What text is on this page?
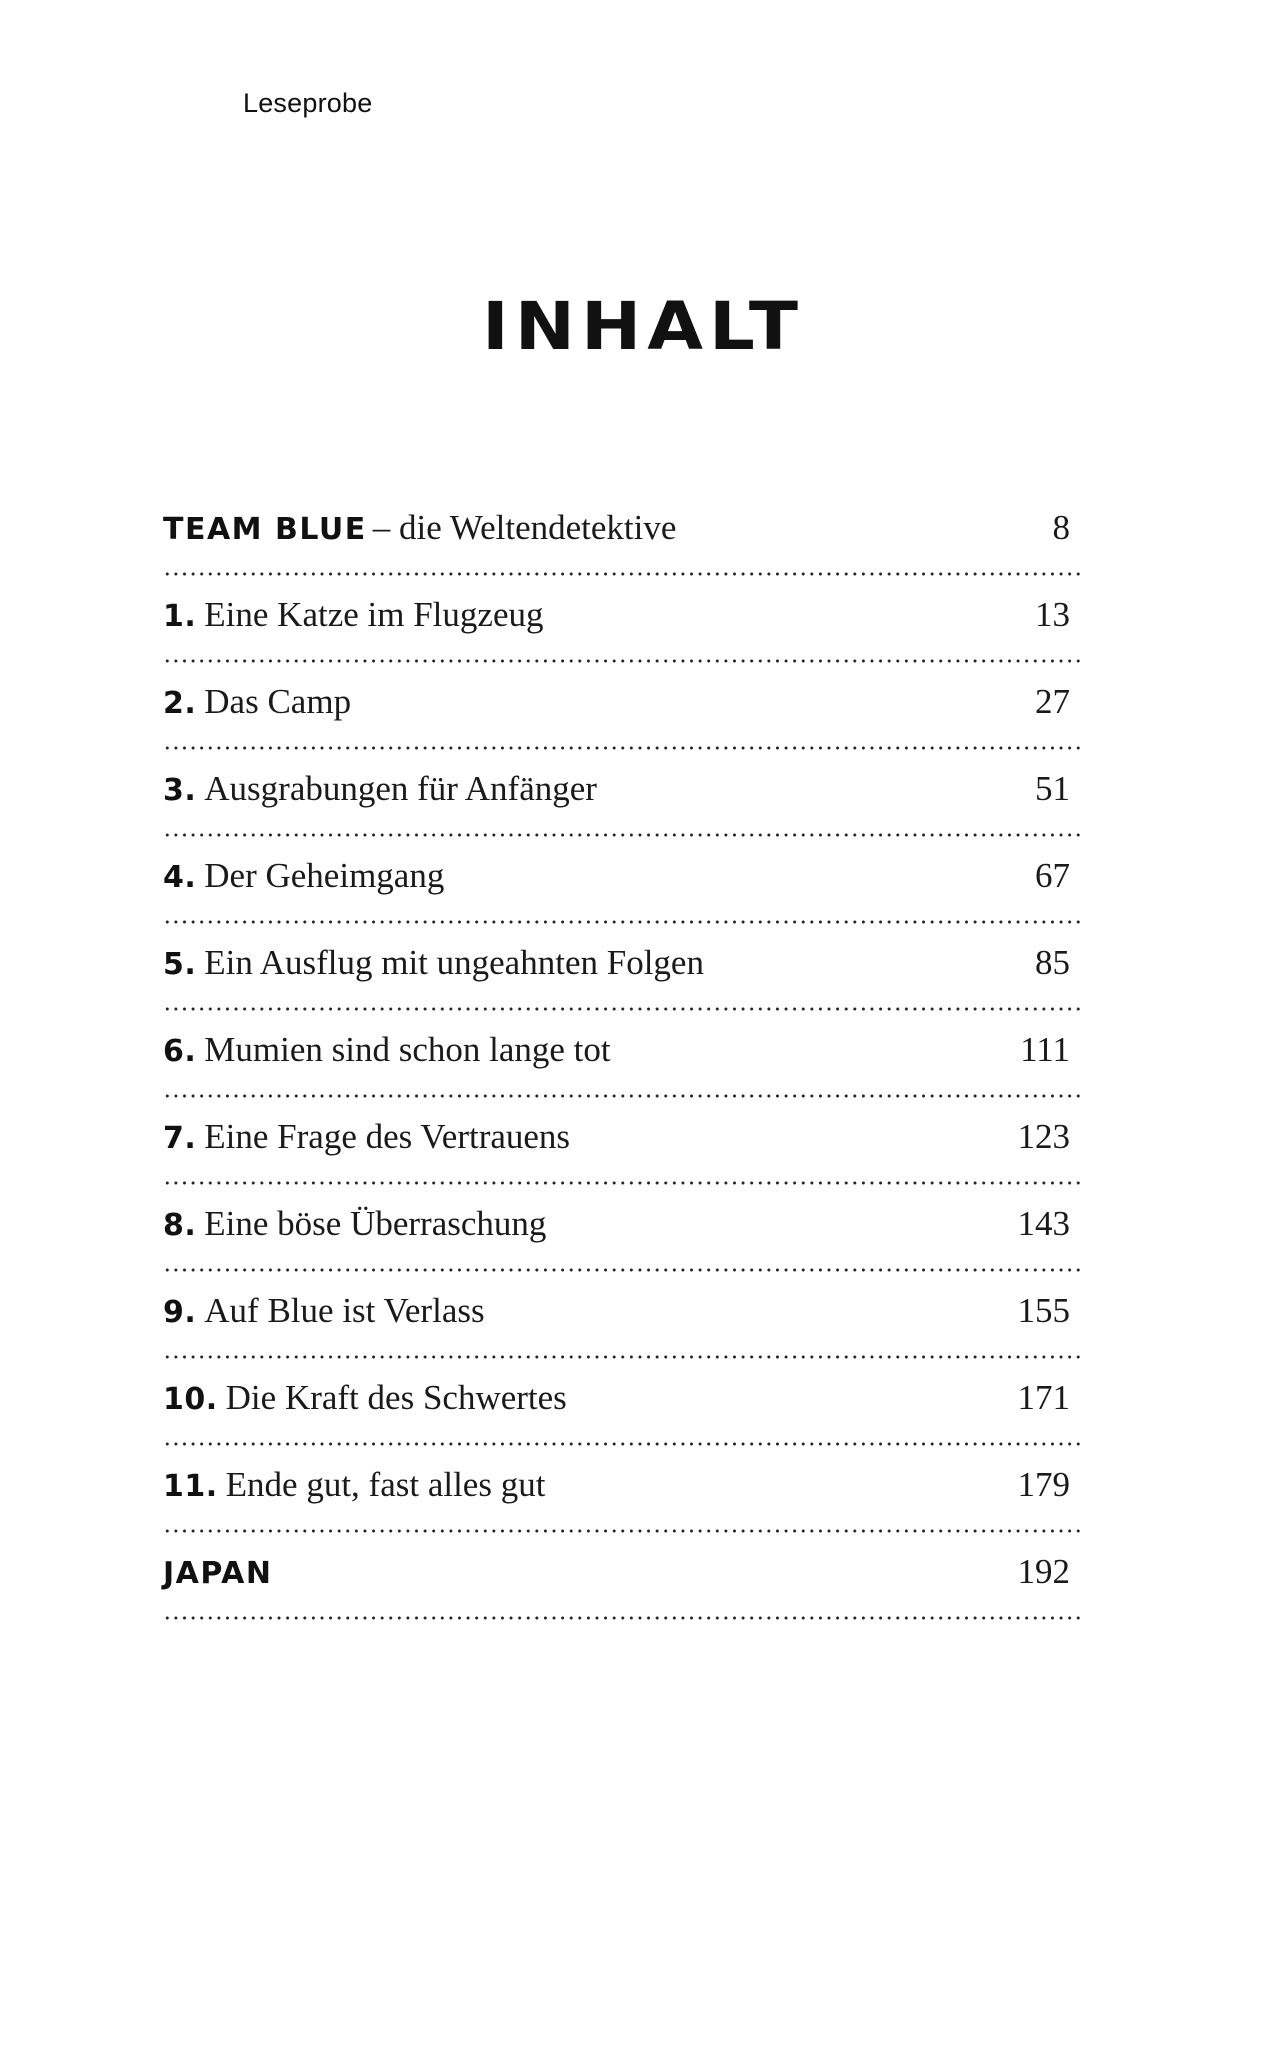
Leseprobe
INHALT
TEAM BLUE – die Weltendetektive	8
1. Eine Katze im Flugzeug	13
2. Das Camp	27
3. Ausgrabungen für Anfänger	51
4. Der Geheimgang	67
5. Ein Ausflug mit ungeahnten Folgen	85
6. Mumien sind schon lange tot	111
7. Eine Frage des Vertrauens	123
8. Eine böse Überraschung	143
9. Auf Blue ist Verlass	155
10. Die Kraft des Schwertes	171
11. Ende gut, fast alles gut	179
JAPAN	192
